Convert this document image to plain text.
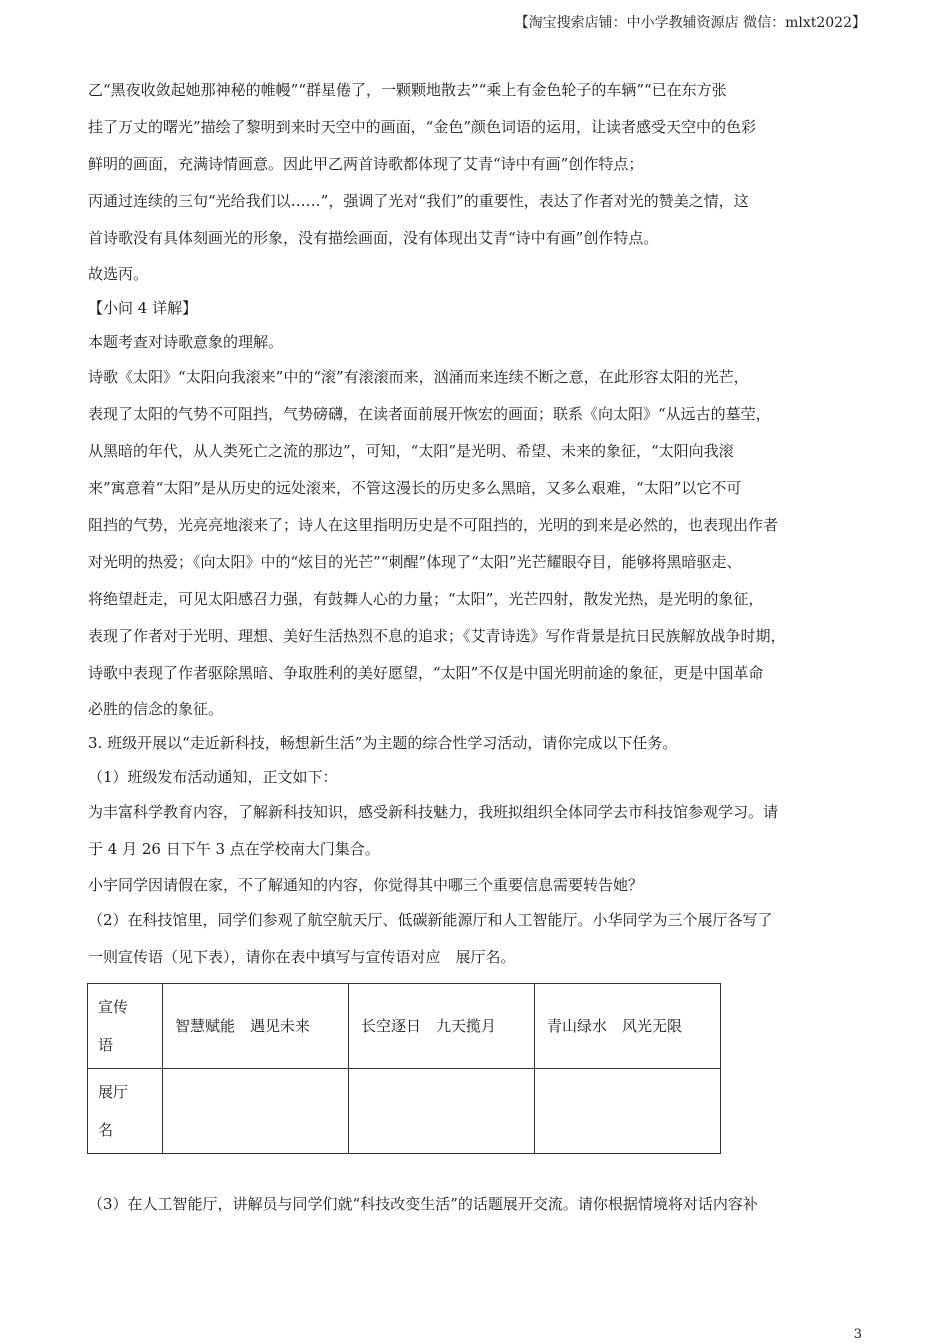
【淘宝搜索店铺：中小学教辅资源店 微信：mlxt2022】

乙“黑夜收敛起她那神秘的帷幔”“群星倦了，一颗颗地散去”“乘上有金色轮子的车辆”“已在东方张

挂了万丈的曙光”描绘了黎明到来时天空中的画面，“金色”颜色词语的运用，让读者感受天空中的色彩

鲜明的画面，充满诗情画意。因此甲乙两首诗歌都体现了艾青“诗中有画”创作特点；

丙通过连续的三句“光给我们以……”，强调了光对“我们”的重要性，表达了作者对光的赞美之情，这

首诗歌没有具体刻画光的形象，没有描绘画面，没有体现出艾青“诗中有画”创作特点。

故选丙。

【小问 4 详解】

本题考查对诗歌意象的理解。

诗歌《太阳》“太阳向我滚来”中的“滚”有滚滚而来，汹涌而来连续不断之意，在此形容太阳的光芒，

表现了太阳的气势不可阻挡，气势磅礴，在读者面前展开恢宏的画面；联系《向太阳》“从远古的墓茔，

从黑暗的年代，从人类死亡之流的那边”，可知，“太阳”是光明、希望、未来的象征，“太阳向我滚

来”寓意着“太阳”是从历史的远处滚来，不管这漫长的历史多么黑暗，又多么艰难，“太阳”以它不可

阻挡的气势，光亮亮地滚来了；诗人在这里指明历史是不可阻挡的，光明的到来是必然的，也表现出作者

对光明的热爱；《向太阳》中的“炫目的光芒”“刺醒”体现了“太阳”光芒耀眼夺目，能够将黑暗驱走、

将绝望赶走，可见太阳感召力强，有鼓舞人心的力量；“太阳”，光芒四射，散发光热，是光明的象征，

表现了作者对于光明、理想、美好生活热烈不息的追求；《艾青诗选》写作背景是抗日民族解放战争时期，

诗歌中表现了作者驱除黑暗、争取胜利的美好愿望，“太阳”不仅是中国光明前途的象征，更是中国革命

必胜的信念的象征。

3. 班级开展以“走近新科技，畅想新生活”为主题的综合性学习活动，请你完成以下任务。

（1）班级发布活动通知，正文如下：

为丰富科学教育内容，了解新科技知识，感受新科技魅力，我班拟组织全体同学去市科技馆参观学习。请

于 4 月 26 日下午 3 点在学校南大门集合。

小宇同学因请假在家，不了解通知的内容，你觉得其中哪三个重要信息需要转告她？

（2）在科技馆里，同学们参观了航空航天厅、低碳新能源厅和人工智能厅。小华同学为三个展厅各写了

一则宣传语（见下表），请你在表中填写与宣传语对应　展厅名。

宣传
语	智慧赋能　遇见未来	长空逐日　九天揽月	青山绿水　风光无限

展厅
名			

（3）在人工智能厅，讲解员与同学们就“科技改变生活”的话题展开交流。请你根据情境将对话内容补
3
